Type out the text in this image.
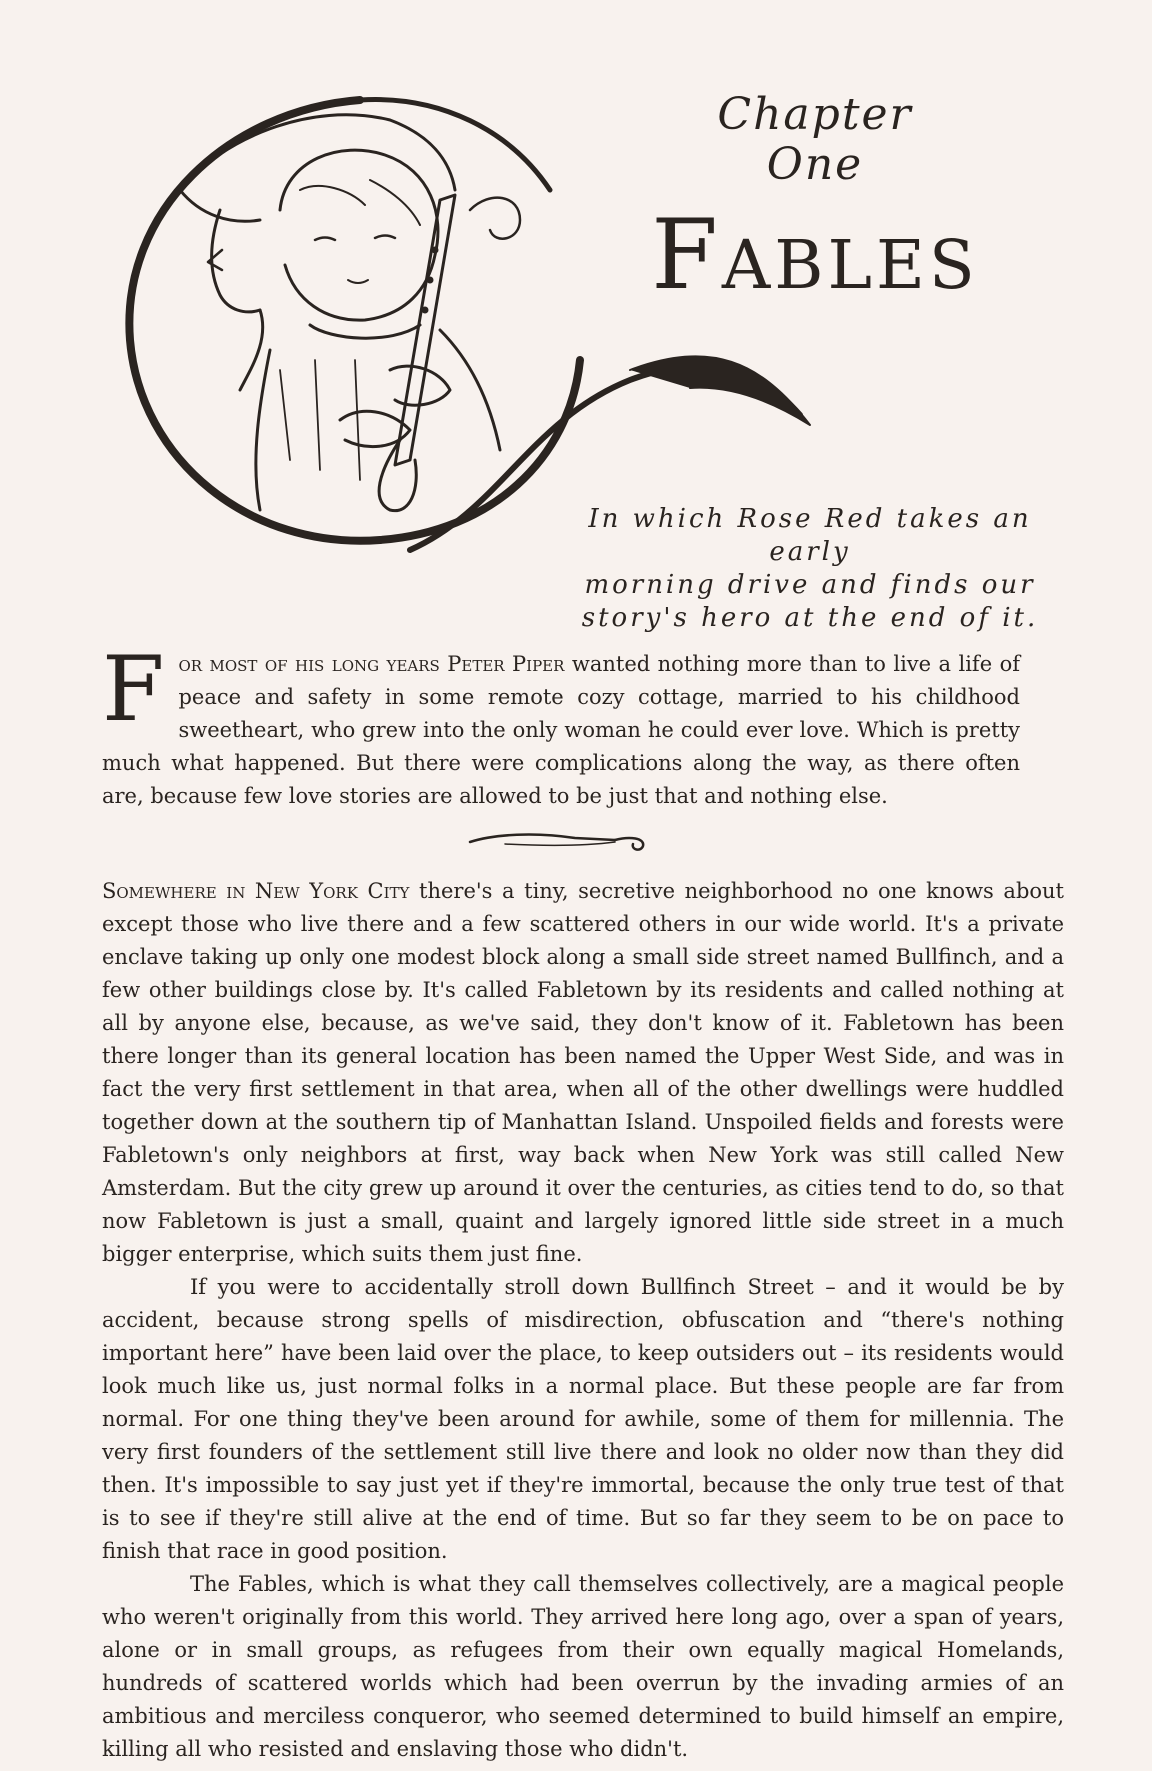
Chapter
One
Fables
In which Rose Red takes an early
morning drive and finds our
story's hero at the end of it.
For most of his long years Peter Piper wanted nothing more than to live a life of peace and safety in some remote cozy cottage, married to his childhood sweetheart, who grew into the only woman he could ever love. Which is pretty much what happened. But there were complications along the way, as there often are, because few love stories are allowed to be just that and nothing else.

Somewhere in New York City there's a tiny, secretive neighborhood no one knows about except those who live there and a few scattered others in our wide world. It's a private enclave taking up only one modest block along a small side street named Bullfinch, and a few other buildings close by. It's called Fabletown by its residents and called nothing at all by anyone else, because, as we've said, they don't know of it. Fabletown has been there longer than its general location has been named the Upper West Side, and was in fact the very first settlement in that area, when all of the other dwellings were huddled together down at the southern tip of Manhattan Island. Unspoiled fields and forests were Fabletown's only neighbors at first, way back when New York was still called New Amsterdam. But the city grew up around it over the centuries, as cities tend to do, so that now Fabletown is just a small, quaint and largely ignored little side street in a much bigger enterprise, which suits them just fine.

If you were to accidentally stroll down Bullfinch Street – and it would be by accident, because strong spells of misdirection, obfuscation and “there's nothing important here” have been laid over the place, to keep outsiders out – its residents would look much like us, just normal folks in a normal place. But these people are far from normal. For one thing they've been around for awhile, some of them for millennia. The very first founders of the settlement still live there and look no older now than they did then. It's impossible to say just yet if they're immortal, because the only true test of that is to see if they're still alive at the end of time. But so far they seem to be on pace to finish that race in good position.

The Fables, which is what they call themselves collectively, are a magical people who weren't originally from this world. They arrived here long ago, over a span of years, alone or in small groups, as refugees from their own equally magical Homelands, hundreds of scattered worlds which had been overrun by the invading armies of an ambitious and merciless conqueror, who seemed determined to build himself an empire, killing all who resisted and enslaving those who didn't.
